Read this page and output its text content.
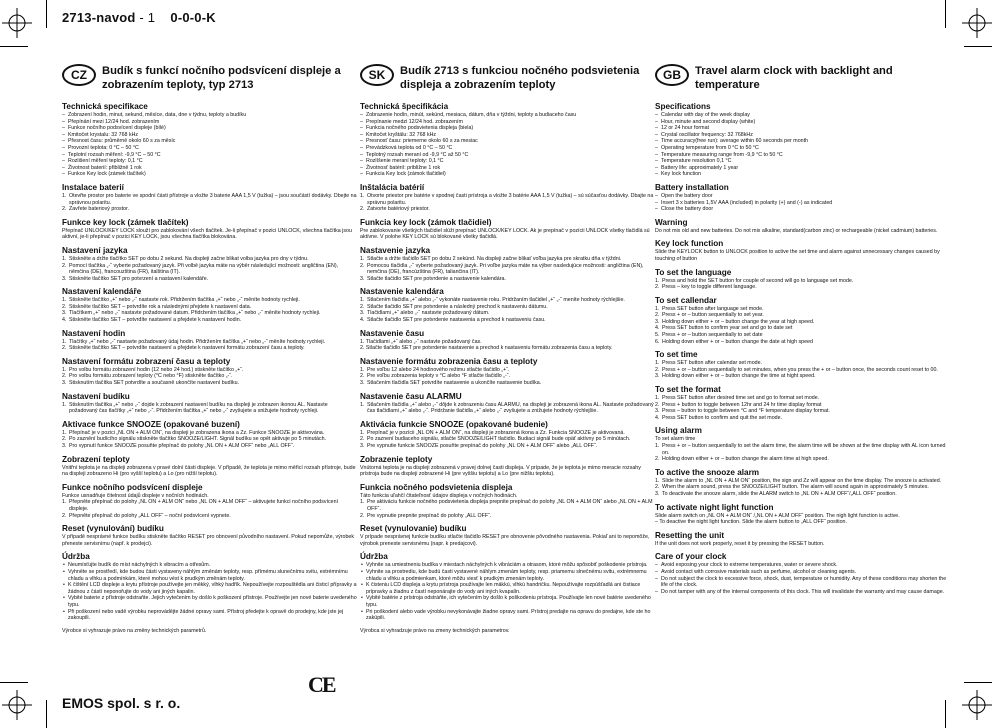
2713-navod - 1 0-0-0-K
CZ	Budík s funkcí nočního podsvícení displeje a zobrazením teploty, typ 2713
Technická specifikace
– Zobrazení hodin, minut, sekund, měsíce, data, dne v týdnu, teploty a budíku
– Přepínání mezi 12/24 hod. zobrazením
– Funkce nočního podsvícení displeje (bílé)
– Kmitočet krystalu: 32 768 kHz
– Přesnost času: průměrně okolo 60 s za měsíc
– Provozní teplota: 0 °C – 50 °C
– Teplotní rozsah měření: -9,9 °C – 50 °C
– Rozlišení měření teploty: 0,1 °C
– Životnost baterií: přibližně 1 rok
– Funkce Key lock (zámek tlačítek)
Instalace baterií
1. Otevřte prostor pro baterie ve spodní části přístroje a vložte 3 baterie AAA 1,5 V (tužka) – jsou součástí dodávky. Dbejte na správnou polaritu.
2. Zavřete bateriový prostor.
Funkce key lock (zámek tlačítek)
Přepínač UNLOCK/KEY LOCK slouží pro zablokování všech tlačítek. Je-li přepínač v pozici UNLOCK, všechna tlačítka jsou aktivní, je-li přepínač v pozici KEY LOCK, jsou všechna tlačítka blokována.
Nastavení jazyka
1. Stiskněte a držte tlačítko SET po dobu 2 sekund. Na displeji začne blikat volba jazyka pro dny v týdnu.
2. Pomocí tlačítka „-“ vyberte požadovaný jazyk. Při volbě jazyka máte na výběr následující možnosti: angličtina (EN), němčina (DE), francouzština (FR), italština (IT).
3. Stiskněte tlačítko SET pro potvrzení a nastavení kalendáře.
Nastavení kalendáře
1. Stiskněte tlačítko „+“ nebo „-“ nastavte rok. Přidržením tlačítka „+“ nebo „-“ měníte hodnoty rychleji.
2. Stiskněte tlačítko SET – potvrdíte rok a následnými přejdete k nastavení data.
3. Tlačítkem „+“ nebo „-“ nastavte požadované datum. Přidržením tlačítka „+“ nebo „-“ měníte hodnoty rychleji.
4. Stiskněte tlačítko SET – potvrdíte nastavení a přejdete k nastavení hodin.
Nastavení hodin
1. Tlačítky „+“ nebo „-“ nastavte požadovaný údaj hodin. Přidržením tlačítka „+“ nebo „-“ měníte hodnoty rychleji.
2. Stiskněte tlačítko SET – potvrdíte nastavení a přejdete k nastavení formátu zobrazení času a teploty.
Nastavení formátu zobrazení času a teploty
1. Pro volbu formátu zobrazení hodin (12 nebo 24 hod.) stiskněte tlačítko „+“.
2. Pro volbu formátu zobrazení teploty (°C nebo °F) stiskněte tlačítko „-“.
3. Stisknutím tlačítka SET potvrdíte a současně ukončíte nastavení budíku.
Nastavení budíku
1. Stisknutím tlačítka „+“ nebo „-“ dojde k zobrazení nastavení budíku na displeji je zobrazen ikonou AL. Nastavte požadovaný čas tlačítky „+“ nebo „-“. Přidržením tlačítka „+“ nebo „-“ zvyšujete a snižujete hodnoty rychleji.
Aktivace funkce SNOOZE (opakované buzení)
1. Přepínač je v pozici „NL ON + ALM ON“, na displeji je zobrazena ikona a Zz. Funkce SNOOZE je aktivována.
2. Po zaznění budícího signálu stiskněte tlačítko SNOOZE/LIGHT. Signál budíku se opět aktivuje po 5 minutách.
3. Pro vypnutí funkce SNOOZE posuňte přepínač do polohy „NL ON + ALM OFF“ nebo „ALL OFF“.
Zobrazení teploty
Vnitřní teplota je na displeji zobrazena v pravé dolní části displeje. V případě, že teplota je mimo měřicí rozsah přístroje, bude na displeji zobrazeno Hi (pro vyšší teplotu) a Lo (pro nižší teplotu).
Funkce nočního podsvícení displeje
Funkce usnadňuje čitelnost údajů displeje v nočních hodinách.
1. Přepněte přepínač do polohy „NL ON + ALM ON“ nebo „NL ON + ALM OFF“ – aktivujete funkci nočního podsvícení displeje.
2. Přepněte přepínač do polohy „ALL OFF“ – noční podsvícení vypnete.
Reset (vynulování) budíku
V případě nesprávné funkce budíku stiskněte tlačítko RESET pro obnovení původního nastavení. Pokud nepomůže, výrobek přeneste servisnímu (např. k prodejci).
Údržba
• Neumísťujte budík do míst náchylných k vibracím a otřesům.
• Vyhněte se prostředí, kde budou části vystaveny náhlým změnám teploty, resp. přímému slunečnímu svitu, extrémnímu chladu a vlhku a podmínkám, které mohou vést k prudkým změnám teploty.
• K čištění LCD displeje a krytu přístroje používejte jen měkký, vlhký hadřík. Nepoužívejte rozpouštědla ani čisticí přípravky a žádnou z částí neponořujte do vody ani jiných kapalin.
• Vybité baterie z přístroje odstraňte. Jejich vytečením by došlo k poškození přístroje. Používejte jen nové baterie uvedeného typu.
• Při poškození nebo vadě výrobku neprovádějte žádné opravy sami. Přístroj předejte k opravě do prodejny, kde jste jej zakoupili.
Výrobce si vyhrazuje právo na změny technických parametrů.
SK	Budík 2713 s funkciou nočného podsvietenia displeja a zobrazením teploty
Technická špecifikácia
– Zobrazenie hodín, minút, sekúnd, mesiaca, dátum, dňa v týždni, teploty a budiaceho času
– Prepínanie medzi 12/24 hod. zobrazením
– Funkcia nočného podsvietenia displeja (biela)
– Kmitočet kryštálu: 32 768 kHz
– Presnosť času: priemerne okolo 60 s za mesiac
– Prevádzková teplota od 0 °C – 50 °C
– Teplotný rozsah meraní od -9,9 °C až 50 °C
– Rozlíšenie meraní teploty: 0,1 °C
– Životnosť batérií: približne 1 rok
– Funkcia Key lock (zámok tlačidiel)
Inštalácia batérií
1. Otvorte priestor pre batérie v spodnej časti prístroja a vložte 3 batérie AAA 1,5 V (tužka) – sú súčasťou dodávky. Dbajte na správnu polaritu.
2. Zatvorte batériový priestor.
Funkcia key lock (zámok tlačidiel)
Pre zablokovanie všetkých tlačidiel slúži prepínač UNLOCK/KEY LOCK. Ak je prepínač v pozícii UNLOCK všetky tlačidlá sú aktívne. V polohe KEY LOCK sú blokované všetky tlačidlá.
Nastavenie jazyka
1. Stlačte a držte tlačidlo SET po dobu 2 sekúnd. Na displeji začne blikať voľba jazyka pre skratku dňa v týždni.
2. Pomocou tlačidla „-“ vyberte požadovaný jazyk. Pri voľbe jazyka máte na výber nasledujúce možnosti: angličtina (EN), nemčina (DE), francúzština (FR), taliančina (IT).
3. Stlačte tlačidlo SET pre potvrdenie a nastavenie kalendára.
Nastavenie kalendára
1. Stlačením tlačidla „+“ alebo „-“ vykonáte nastavenie roku. Pridržaním tlačidiel „+“ „-“ meníte hodnoty rýchlejšie.
2. Stlačte tlačidlo SET pre potvrdenie a následný prechod k nastaveniu dátumu.
3. Tlačidlami „+“ alebo „-“ nastavte požadovaný dátum.
4. Stlačte tlačidlo SET pre potvrdenie nastavenia a prechod k nastaveniu času.
Nastavenie času
1. Tlačidlami „+“ alebo „-“ nastavte požadovaný čas.
2. Stlačte tlačidlo SET pre potvrdenie nastavenie a prechod k nastaveniu formátu zobrazenia času a teploty.
Nastavenie formátu zobrazenia času a teploty
1. Pre voľbu 12 alebo 24 hodinového režimu stlačte tlačidlo „+“.
2. Pre voľbu zobrazenia teploty v °C alebo °F stlačte tlačidlo „-“.
3. Stlačením tlačidla SET potvrdíte nastavenie a ukončíte nastavenie budíka.
Nastavenie času ALARMU
1. Stlačením tlačidla „+“ alebo „-“ dôjde k zobrazeniu času ALARMU, na displeji je zobrazená ikona AL. Nastavte požadovaný čas tlačidlami „+“ alebo „-“. Pridržanie tlačidla „+“ alebo „-“ zvyšujete a znižujete hodnoty rýchlejšie.
Aktivácia funkcie SNOOZE (opakované budenie)
1. Prepínač je v pozícii „NL ON + ALM ON“, na displeji je zobrazená ikona a Zz. Funkcia SNOOZE je aktivovaná.
2. Po zaznení budiaceho signálu, stlačte SNOOZE/LIGHT tlačidlo. Budiaci signál bude opäť aktívny po 5 minútach.
3. Pre vypnutie funkcie SNOOZE posuňte prepínač do polohy „NL ON + ALM OFF“ alebo „ALL OFF“.
Zobrazenie teploty
Vnútorná teplota je na displeji zobrazená v pravej dolnej časti displeja. V prípade, že je teplota je mimo meracie rozsahy prístroja bude na displeji zobrazené Hi (pre vyššiu teplotu) a Lo (pre nižšiu teplotu).
Funkcia nočného podsvietenia displeja
Táto funkcia uľahčí čitateľnosť údajov displeja v nočných hodinách.
1. Pre aktiváciu funkcie nočného podsvietenia displeja prepnite prepínač do polohy „NL ON + ALM ON“ alebo „NL ON + ALM OFF“.
2. Pre vypnutie prepnite prepínač do polohy „ALL OFF“.
Reset (vynulovanie) budíku
V prípade nesprávnej funkcie budíku stlačte tlačidlo RESET pre obnovenie pôvodného nastavenia. Pokiaľ ani to nepomôže, výrobok preneste servisnému (napr. k predajcovi).
Údržba
• Vyhnite sa umiestneniu budíka v miestach náchylných k vibráciám a otrasom, ktoré môžu spôsobiť poškodenie prístroja.
• Vyhnite sa prostrediu, kde budú časti vystavené náhlym zmenám teploty, resp. priamemu slnečnému svitu, extrémnemu chladu a vlhku a podmienkam, ktoré môžu viesť k prudkým zmenám teploty.
• K čisteniu LCD displeja a krytu prístroja používajte len mäkkú, vlhkú handričku. Nepoužívajte rozpúšťadlá ani čistiace prípravky a žiadnu z častí neponárajte do vody ani iných kvapalín.
• Vybité batérie z prístroja odstráňte, ich vytečením by došlo k poškodeniu prístroja. Používajte len nové batérie uvedeného typu.
• Pri poškodení alebo vade výrobku nevykonávajte žiadne opravy sami. Prístroj predajte na opravu do predajne, kde ste ho zakúpili.
Výrobca si vyhradzuje právo na zmeny technických parametrov.
GB	Travel alarm clock with backlight and temperature
Specifications
– Calendar with day of the week display
– Hour, minute and second display (white)
– 12 or 24 hour format
– Crystal oscillator frequency: 32 768kHz
– Time accuracy(free run): average within 60 seconds per month
– Operating temperature from 0 °C to 50 °C
– Temperature measuring range from -9,9 °C to 50 °C
– Temperature resolution 0,1 °C
– Battery life: approximately 1 year
– Key lock function
Battery installation
– Open the battery door
– Insert 3 x batteries 1,5V AAA (included) in polarity (+) and (-) as indicated
– Close the battery door
Warning
Do not mix old and new batteries. Do not mix alkaline, standard(carbon zinc) or rechargeable (nickel cadmium) batteries.
Key lock function
Slide the KEYLOCK button to UNLOCK position to active the set time and alarm against unnecessary changes caused by touching of button
To set the language
1. Press and hold the SET button for couple of second will go to language set mode.
2. Press – key to toggle different language.
To set callendar
1. Press SET button after language set mode.
2. Press + or – button sequentially to set year.
3. Holding down either + or – button change the year at high speed.
4. Press SET button to confirm year set and go to date set
5. Press + or – button sequentially to set date
6. Holding down either + or – button change the date at high speed
To set time
1. Press SET button after calendar set mode.
2. Press + or – button sequentially to set minutes, when you press the + or – button once, the seconds count reset to 00.
3. Holding down either + or – button change the time at hight speed.
To set the format
1. Press SET button after desired time set and go to format set mode.
2. Press + button to toggle between 12hr and 24 hr time display format
3. Press – button to toggle between °C and °F temperature display format.
4. Press SET button to confirm and quit the set mode.
Using alarm
To set alarm time
1. Press + or – button sequentially to set the alarm time, the alarm time will be shown at the time display with AL icon turned on.
2. Holding down either + or – button change the alarm time at high speed.
To active the snooze alarm
1. Slide the alarm to „NL ON + ALM ON“ position, the sign and Zz will appear on the time display. The snooze is activated.
2. When the alarm sound, press the SNOOZE/LIGHT button. The alarm will sound again in approximately 5 minutes.
3. To deactivate the snooze alarm, slide the ALARM switch to „NL ON + ALM OFF“/„ALL OFF“ position.
To activate night light function
Slide alarm switch on „NL ON + ALM ON“ /„NL ON + ALM OFF“ position. The nigh light function is active.
– To deactive the night light function. Slide the alarm button to „ALL OFF“ position.
Resetting the unit
If the unit does not work properly, reset it by pressing the RESET button.
Care of your clock
– Avoid exposing your clock to extreme temperatures, water or severe shock.
– Avoid contact with corrosive materials such as perfume, alcohol or cleaning agents.
– Do not subject the clock to excessive force, shock, dust, temperature or humidity. Any of these conditions may shorten the life of the clock.
– Do not tamper with any of the internal components of this clock. This will invalidate the warranty and may cause damage.
CE
EMOS spol. s r. o.
